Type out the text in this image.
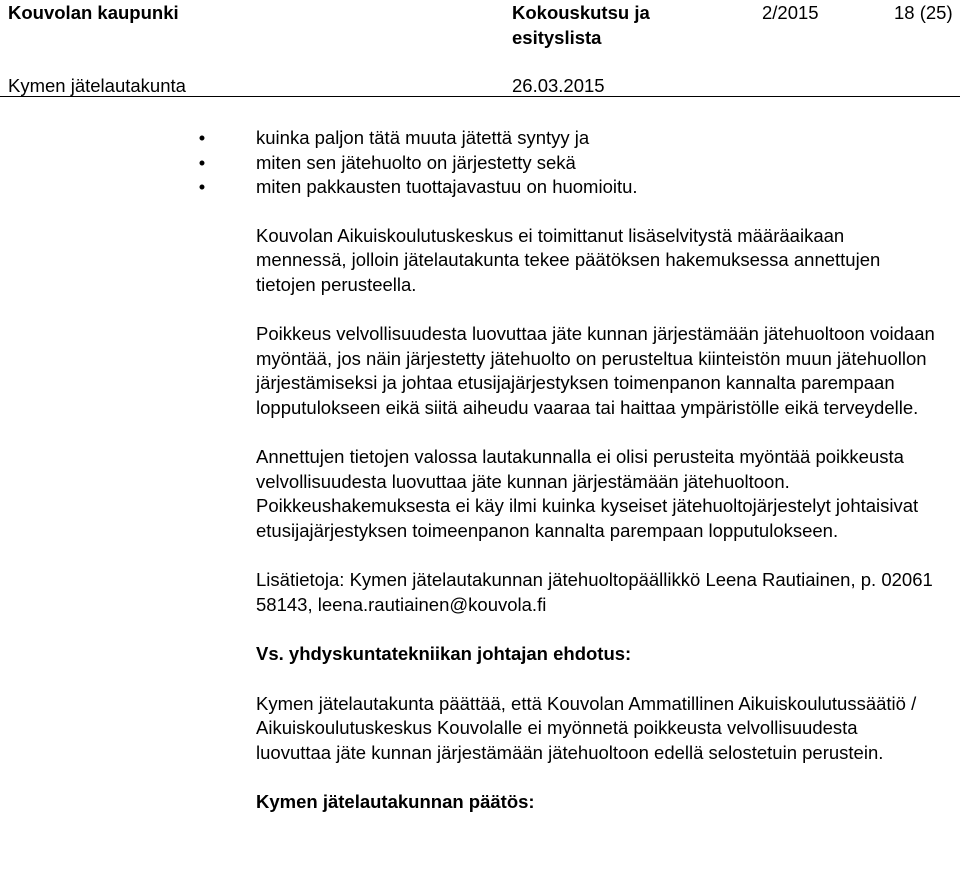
Kouvolan kaupunki	Kokouskutsu ja
esityslista
2/2015	18 (25)
Kymen jätelautakunta	26.03.2015
•	kuinka paljon tätä muuta jätettä syntyy ja
•	miten sen jätehuolto on järjestetty sekä
•	miten pakkausten tuottajavastuu on huomioitu.

Kouvolan Aikuiskoulutuskeskus ei toimittanut lisäselvitystä määräaikaan mennessä, jolloin jätelautakunta tekee päätöksen hakemuksessa annettujen tietojen perusteella.

Poikkeus velvollisuudesta luovuttaa jäte kunnan järjestämään jätehuoltoon voidaan myöntää, jos näin järjestetty jätehuolto on perusteltua kiinteistön muun jätehuollon järjestämiseksi ja johtaa etusijajärjestyksen toimenpanon kannalta parempaan lopputulokseen eikä siitä aiheudu vaaraa tai haittaa ympäristölle eikä terveydelle.

Annettujen tietojen valossa lautakunnalla ei olisi perusteita myöntää poikkeusta velvollisuudesta luovuttaa jäte kunnan järjestämään jätehuoltoon. Poikkeushakemuksesta ei käy ilmi kuinka kyseiset jätehuoltojärjestelyt johtaisivat etusijajärjestyksen toimeenpanon kannalta parempaan lopputulokseen.

Lisätietoja: Kymen jätelautakunnan jätehuoltopäällikkö Leena Rautiainen, p. 02061 58143, leena.rautiainen@kouvola.fi

Vs. yhdyskuntatekniikan johtajan ehdotus:

Kymen jätelautakunta päättää, että Kouvolan Ammatillinen Aikuiskoulutussäätiö / Aikuiskoulutuskeskus Kouvolalle ei myönnetä poikkeusta velvollisuudesta luovuttaa jäte kunnan järjestämään jätehuoltoon edellä selostetuin perustein.

Kymen jätelautakunnan päätös:
